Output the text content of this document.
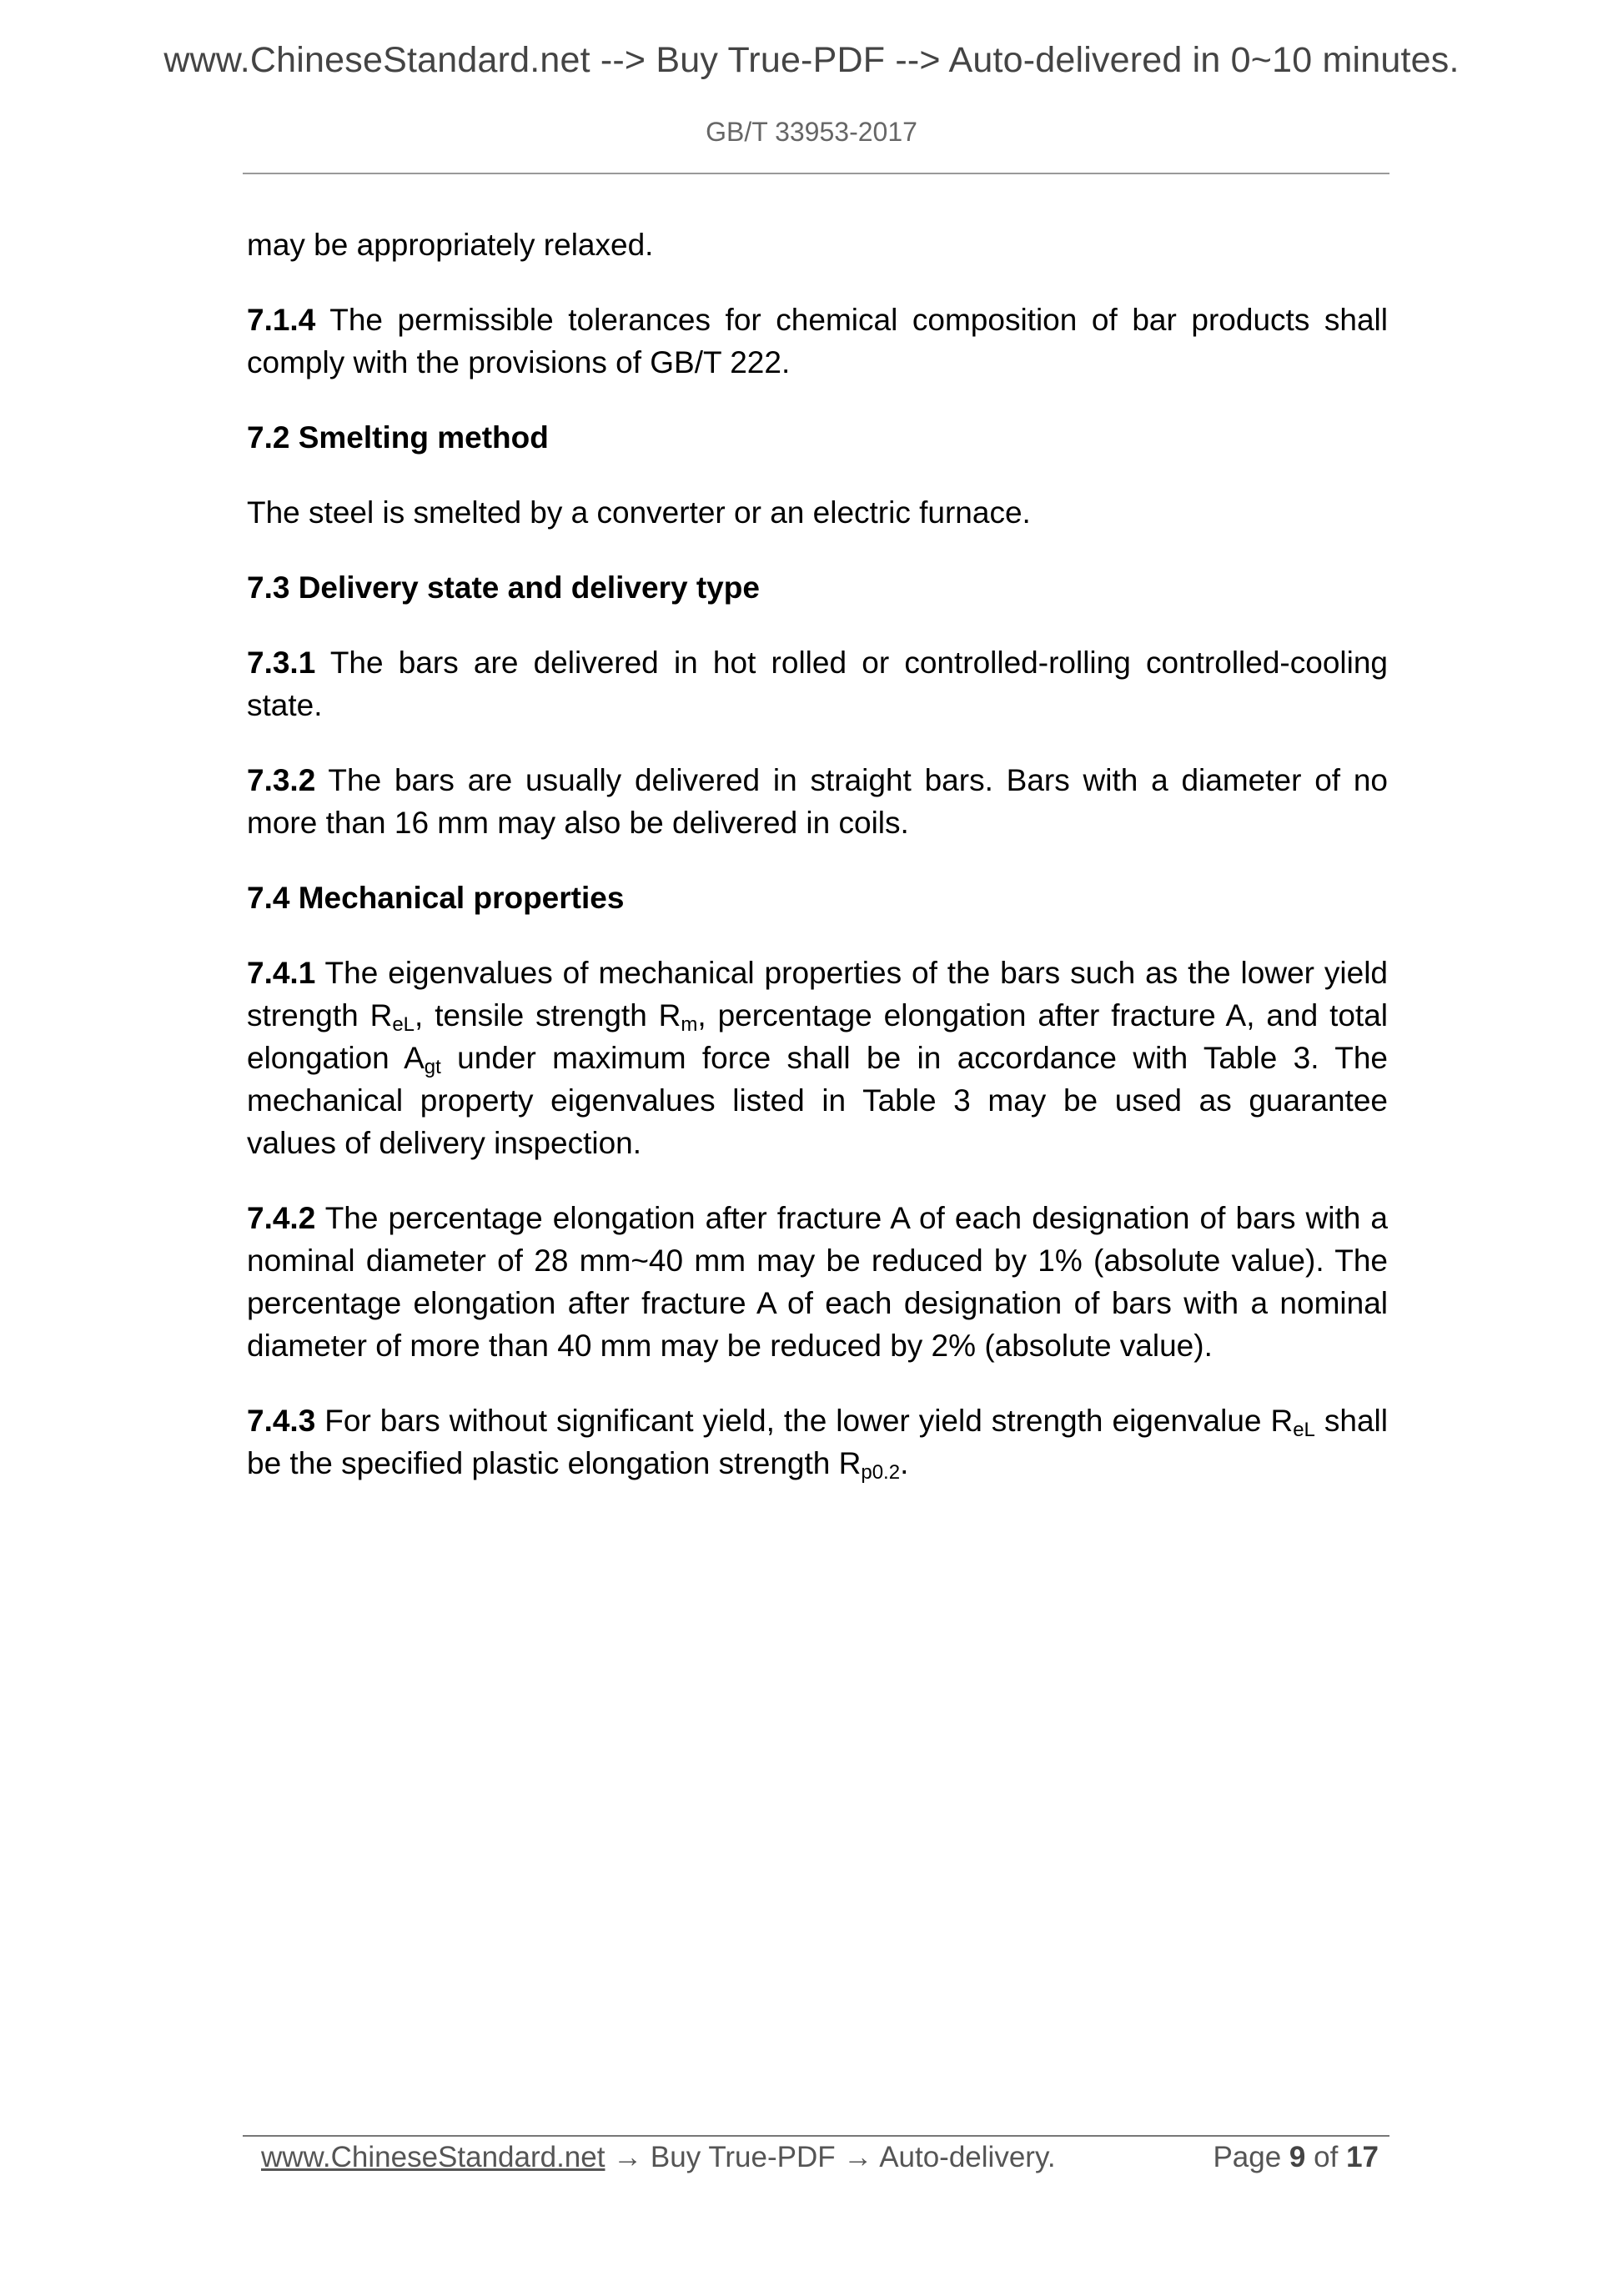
www.ChineseStandard.net --> Buy True-PDF --> Auto-delivered in 0~10 minutes.
GB/T 33953-2017

may be appropriately relaxed.

7.1.4 The permissible tolerances for chemical composition of bar products shall comply with the provisions of GB/T 222.

7.2 Smelting method

The steel is smelted by a converter or an electric furnace.

7.3 Delivery state and delivery type

7.3.1 The bars are delivered in hot rolled or controlled-rolling controlled-cooling state.

7.3.2 The bars are usually delivered in straight bars. Bars with a diameter of no more than 16 mm may also be delivered in coils.

7.4 Mechanical properties

7.4.1 The eigenvalues of mechanical properties of the bars such as the lower yield strength $R_{eL}$, tensile strength $R_m$, percentage elongation after fracture A, and total elongation $A_{gt}$ under maximum force shall be in accordance with Table 3. The mechanical property eigenvalues listed in Table 3 may be used as guarantee values of delivery inspection.

7.4.2 The percentage elongation after fracture A of each designation of bars with a nominal diameter of 28 mm~40 mm may be reduced by 1% (absolute value). The percentage elongation after fracture A of each designation of bars with a nominal diameter of more than 40 mm may be reduced by 2% (absolute value).

7.4.3 For bars without significant yield, the lower yield strength eigenvalue $R_{eL}$ shall be the specified plastic elongation strength $R_{p0.2}$.

www.ChineseStandard.net → Buy True-PDF → Auto-delivery.	Page 9 of 17
